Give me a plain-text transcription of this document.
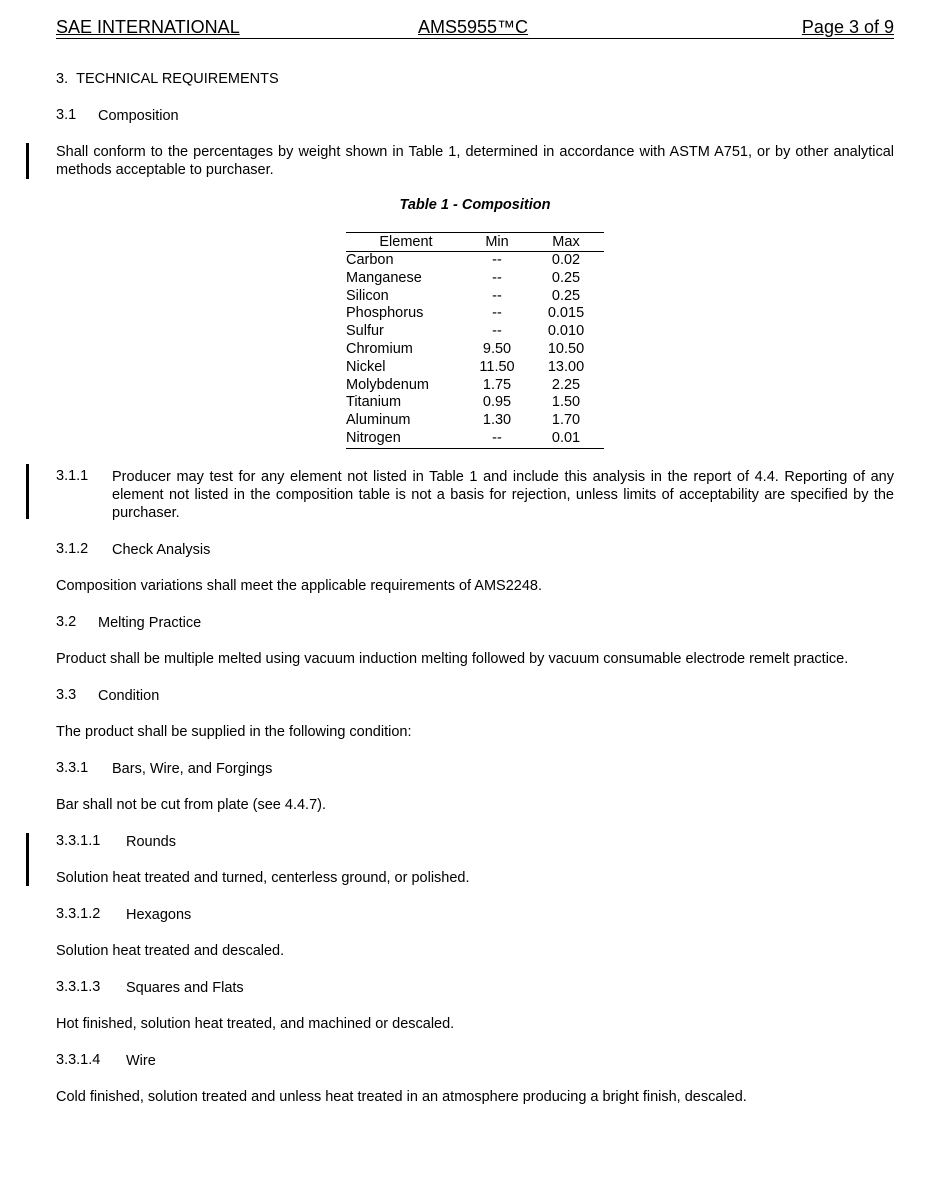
SAE INTERNATIONAL	AMS5955™C	Page 3 of 9
3. TECHNICAL REQUIREMENTS
3.1 Composition
Shall conform to the percentages by weight shown in Table 1, determined in accordance with ASTM A751, or by other analytical methods acceptable to purchaser.
Table 1 - Composition
Element	Min	Max
Carbon	--	0.02
Manganese	--	0.25
Silicon	--	0.25
Phosphorus	--	0.015
Sulfur	--	0.010
Chromium	9.50	10.50
Nickel	11.50	13.00
Molybdenum	1.75	2.25
Titanium	0.95	1.50
Aluminum	1.30	1.70
Nitrogen	--	0.01
3.1.1 Producer may test for any element not listed in Table 1 and include this analysis in the report of 4.4. Reporting of any element not listed in the composition table is not a basis for rejection, unless limits of acceptability are specified by the purchaser.
3.1.2 Check Analysis
Composition variations shall meet the applicable requirements of AMS2248.
3.2 Melting Practice
Product shall be multiple melted using vacuum induction melting followed by vacuum consumable electrode remelt practice.
3.3 Condition
The product shall be supplied in the following condition:
3.3.1 Bars, Wire, and Forgings
Bar shall not be cut from plate (see 4.4.7).
3.3.1.1 Rounds
Solution heat treated and turned, centerless ground, or polished.
3.3.1.2 Hexagons
Solution heat treated and descaled.
3.3.1.3 Squares and Flats
Hot finished, solution heat treated, and machined or descaled.
3.3.1.4 Wire
Cold finished, solution treated and unless heat treated in an atmosphere producing a bright finish, descaled.
